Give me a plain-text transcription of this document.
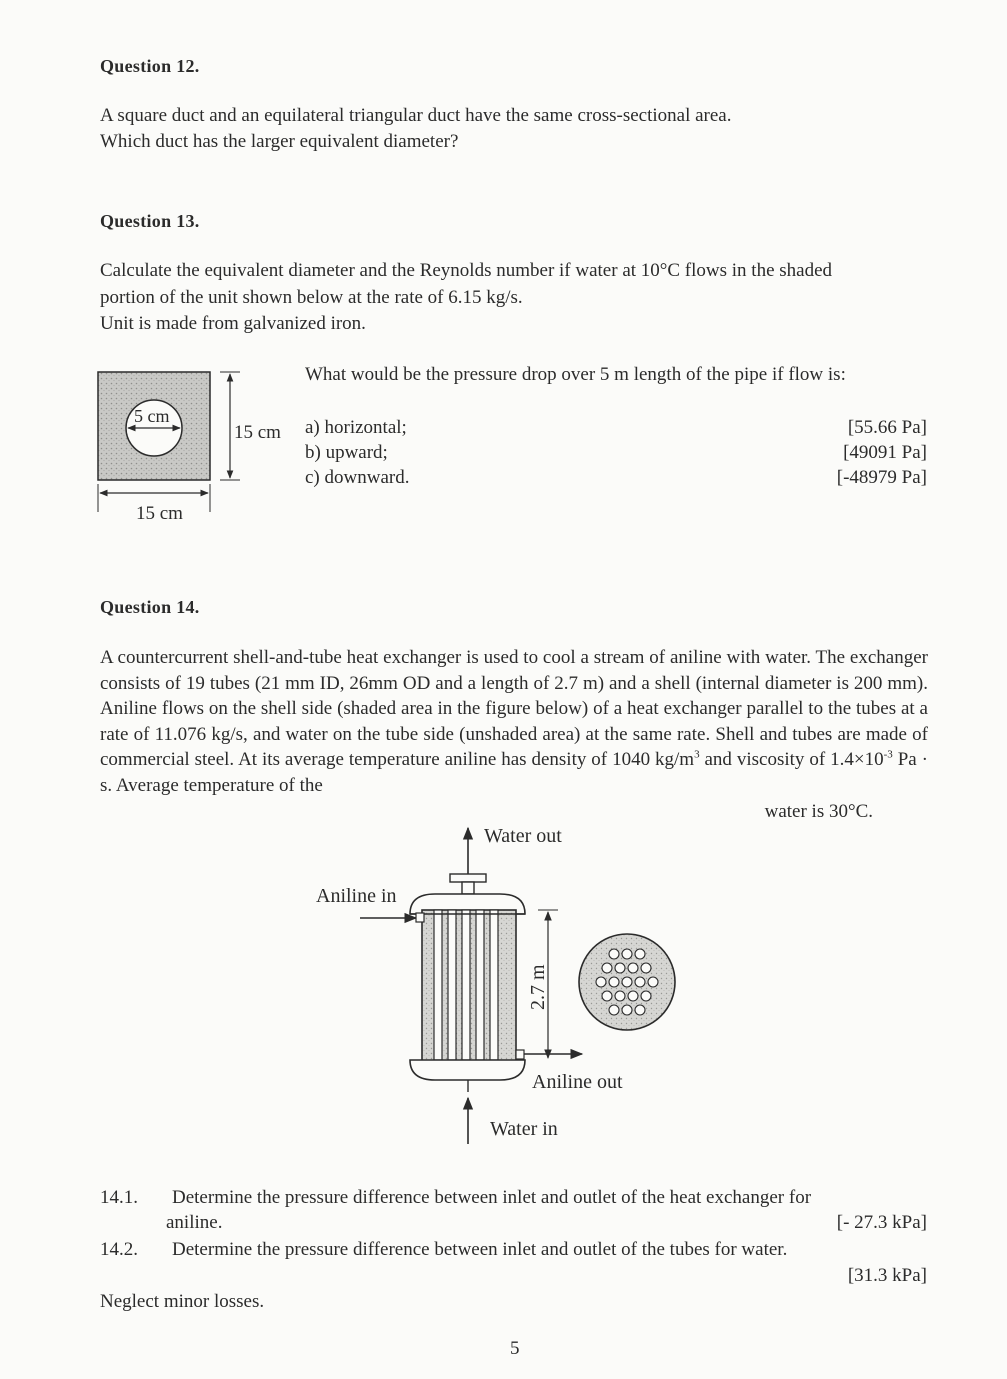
Question 12.
A square duct and an equilateral triangular duct have the same cross-sectional area.
Which duct has the larger equivalent diameter?
Question 13.
Calculate the equivalent diameter and the Reynolds number if water at 10°C flows in the shaded
portion of the unit shown below at the rate of 6.15 kg/s.
Unit is made from galvanized iron.
What would be the pressure drop over 5 m length of the pipe if flow is:
a) horizontal;
b) upward;
c) downward.
[55.66 Pa]
[49091 Pa]
[-48979 Pa]
5 cm
15 cm
15 cm
Question 14.
A countercurrent shell-and-tube heat exchanger is used to cool a stream of aniline with water. The exchanger consists of 19 tubes (21 mm ID, 26mm OD and a length of 2.7 m) and a shell (internal diameter is 200 mm). Aniline flows on the shell side (shaded area in the figure below) of a heat exchanger parallel to the tubes at a rate of 11.076 kg/s, and water on the tube side (unshaded area) at the same rate. Shell and tubes are made of commercial steel. At its average temperature aniline has density of 1040 $kg/m^3$ and viscosity of $1.4\times 10^{-3}$ Pa · s. Average temperature of the
water is 30°C.
Water out
Water in
Aniline in
Aniline out
2.7 m
14.1. Determine the pressure difference between inlet and outlet of the heat exchanger for
aniline.	[- 27.3 kPa]
14.2. Determine the pressure difference between inlet and outlet of the tubes for water.
[31.3 kPa]
Neglect minor losses.
5
